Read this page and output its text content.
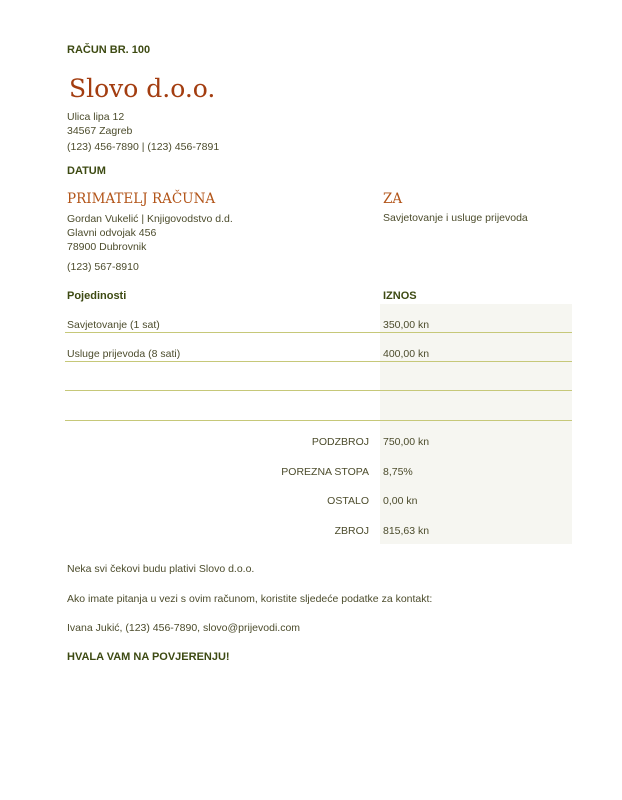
RAČUN BR. 100
Slovo d.o.o.
Ulica lipa 12
34567 Zagreb
(123) 456-7890 | (123) 456-7891
DATUM
PRIMATELJ RAČUNA	ZA
Gordan Vukelić | Knjigovodstvo d.d.
Glavni odvojak 456
78900 Dubrovnik
(123) 567-8910
Savjetovanje i usluge prijevoda
Pojedinosti	IZNOS
Savjetovanje (1 sat)	350,00 kn
Usluge prijevoda (8 sati)	400,00 kn
PODZBROJ 750,00 kn
POREZNA STOPA 8,75%
OSTALO 0,00 kn
ZBROJ 815,63 kn
Neka svi čekovi budu plativi Slovo d.o.o.
Ako imate pitanja u vezi s ovim računom, koristite sljedeće podatke za kontakt:
Ivana Jukić, (123) 456-7890, slovo@prijevodi.com
HVALA VAM NA POVJERENJU!
